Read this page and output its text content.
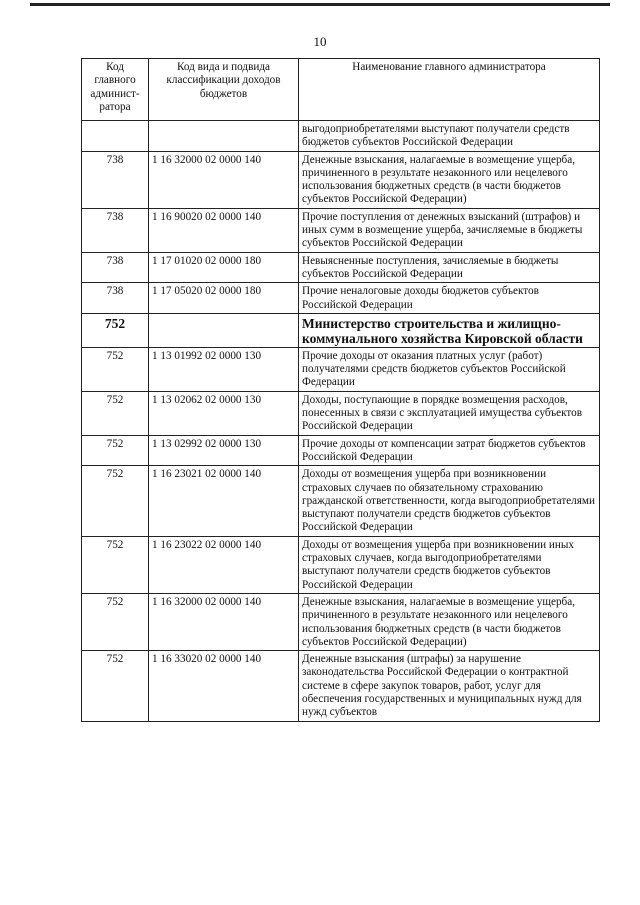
10
Код главного админист-ратора	Код вида и подвида классификации доходов бюджетов	Наименование главного администратора
		выгодоприобретателями выступают получатели средств бюджетов субъектов Российской Федерации
738	1 16 32000 02 0000 140	Денежные взыскания, налагаемые в возмещение ущерба, причиненного в результате незаконного или нецелевого использования бюджетных средств (в части бюджетов субъектов Российской Федерации)
738	1 16 90020 02 0000 140	Прочие поступления от денежных взысканий (штрафов) и иных сумм в возмещение ущерба, зачисляемые в бюджеты субъектов Российской Федерации
738	1 17 01020 02 0000 180	Невыясненные поступления, зачисляемые в бюджеты субъектов Российской Федерации
738	1 17 05020 02 0000 180	Прочие неналоговые доходы бюджетов субъектов Российской Федерации
752		Министерство строительства и жилищно-коммунального хозяйства Кировской области
752	1 13 01992 02 0000 130	Прочие доходы от оказания платных услуг (работ) получателями средств бюджетов субъектов Российской Федерации
752	1 13 02062 02 0000 130	Доходы, поступающие в порядке возмещения расходов, понесенных в связи с эксплуатацией имущества субъектов Российской Федерации
752	1 13 02992 02 0000 130	Прочие доходы от компенсации затрат бюджетов субъектов Российской Федерации
752	1 16 23021 02 0000 140	Доходы от возмещения ущерба при возникновении страховых случаев по обязательному страхованию гражданской ответственности, когда выгодоприобретателями выступают получатели средств бюджетов субъектов Российской Федерации
752	1 16 23022 02 0000 140	Доходы от возмещения ущерба при возникновении иных страховых случаев, когда выгодоприобретателями выступают получатели средств бюджетов субъектов Российской Федерации
752	1 16 32000 02 0000 140	Денежные взыскания, налагаемые в возмещение ущерба, причиненного в результате незаконного или нецелевого использования бюджетных средств (в части бюджетов субъектов Российской Федерации)
752	1 16 33020 02 0000 140	Денежные взыскания (штрафы) за нарушение законодательства Российской Федерации о контрактной системе в сфере закупок товаров, работ, услуг для обеспечения государственных и муниципальных нужд для нужд субъектов
